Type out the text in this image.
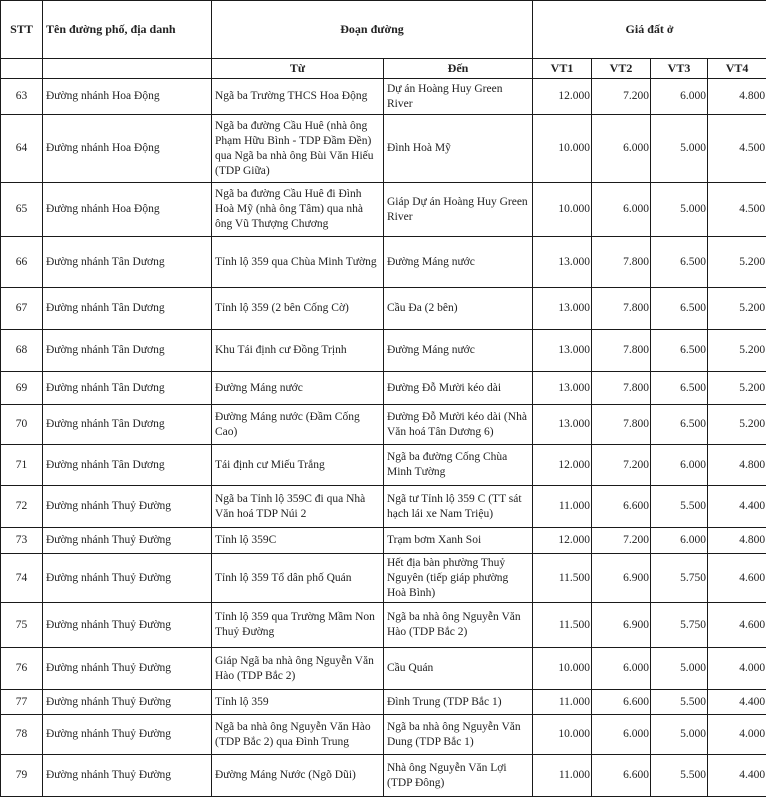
STT	Tên đường phố, địa danh	Đoạn đường		Giá đất ở			
		Từ	Đến	VT1	VT2	VT3	VT4
63	Đường nhánh Hoa Động	Ngã ba Trường THCS Hoa Động	Dự án Hoàng Huy Green River	12.000	7.200	6.000	4.800
64	Đường nhánh Hoa Động	Ngã ba đường Cầu Huê (nhà ông Phạm Hữu Bình - TDP Đầm Đền) qua Ngã ba nhà ông Bùi Văn Hiếu (TDP Giữa)	Đình Hoà Mỹ	10.000	6.000	5.000	4.500
65	Đường nhánh Hoa Động	Ngã ba đường Cầu Huê đi Đình Hoà Mỹ (nhà ông Tâm) qua nhà ông Vũ Thượng Chương	Giáp Dự án Hoàng Huy Green River	10.000	6.000	5.000	4.500
66	Đường nhánh Tân Dương	Tỉnh lộ 359 qua Chùa Minh Tường	Đường Máng nước	13.000	7.800	6.500	5.200
67	Đường nhánh Tân Dương	Tỉnh lộ 359 (2 bên Cống Cờ)	Cầu Đa (2 bên)	13.000	7.800	6.500	5.200
68	Đường nhánh Tân Dương	Khu Tái định cư Đồng Trịnh	Đường Máng nước	13.000	7.800	6.500	5.200
69	Đường nhánh Tân Dương	Đường Máng nước	Đường Đỗ Mười kéo dài	13.000	7.800	6.500	5.200
70	Đường nhánh Tân Dương	Đường Máng nước (Đầm Cống Cao)	Đường Đỗ Mười kéo dài (Nhà Văn hoá Tân Dương 6)	13.000	7.800	6.500	5.200
71	Đường nhánh Tân Dương	Tái định cư Miếu Trắng	Ngã ba đường Cống Chùa Minh Tường	12.000	7.200	6.000	4.800
72	Đường nhánh Thuỷ Đường	Ngã ba Tỉnh lộ 359C đi qua Nhà Văn hoá TDP Núi 2	Ngã tư Tỉnh lộ 359 C (TT sát hạch lái xe Nam Triệu)	11.000	6.600	5.500	4.400
73	Đường nhánh Thuỷ Đường	Tỉnh lộ 359C	Trạm bơm Xanh Soi	12.000	7.200	6.000	4.800
74	Đường nhánh Thuỷ Đường	Tỉnh lộ 359 Tổ dân phố Quán	Hết địa bàn phường Thuỷ Nguyên (tiếp giáp phường Hoà Bình)	11.500	6.900	5.750	4.600
75	Đường nhánh Thuỷ Đường	Tỉnh lộ 359 qua Trường Mầm Non Thuỷ Đường	Ngã ba nhà ông Nguyễn Văn Hào (TDP Bắc 2)	11.500	6.900	5.750	4.600
76	Đường nhánh Thuỷ Đường	Giáp Ngã ba nhà ông Nguyễn Văn Hào (TDP Bắc 2)	Cầu Quán	10.000	6.000	5.000	4.000
77	Đường nhánh Thuỷ Đường	Tỉnh lộ 359	Đình Trung (TDP Bắc 1)	11.000	6.600	5.500	4.400
78	Đường nhánh Thuỷ Đường	Ngã ba nhà ông Nguyễn Văn Hào (TDP Bắc 2) qua Đình Trung	Ngã ba nhà ông Nguyễn Văn Dung (TDP Bắc 1)	10.000	6.000	5.000	4.000
79	Đường nhánh Thuỷ Đường	Đường Máng Nước (Ngõ Dũi)	Nhà ông Nguyễn Văn Lợi (TDP Đông)	11.000	6.600	5.500	4.400
